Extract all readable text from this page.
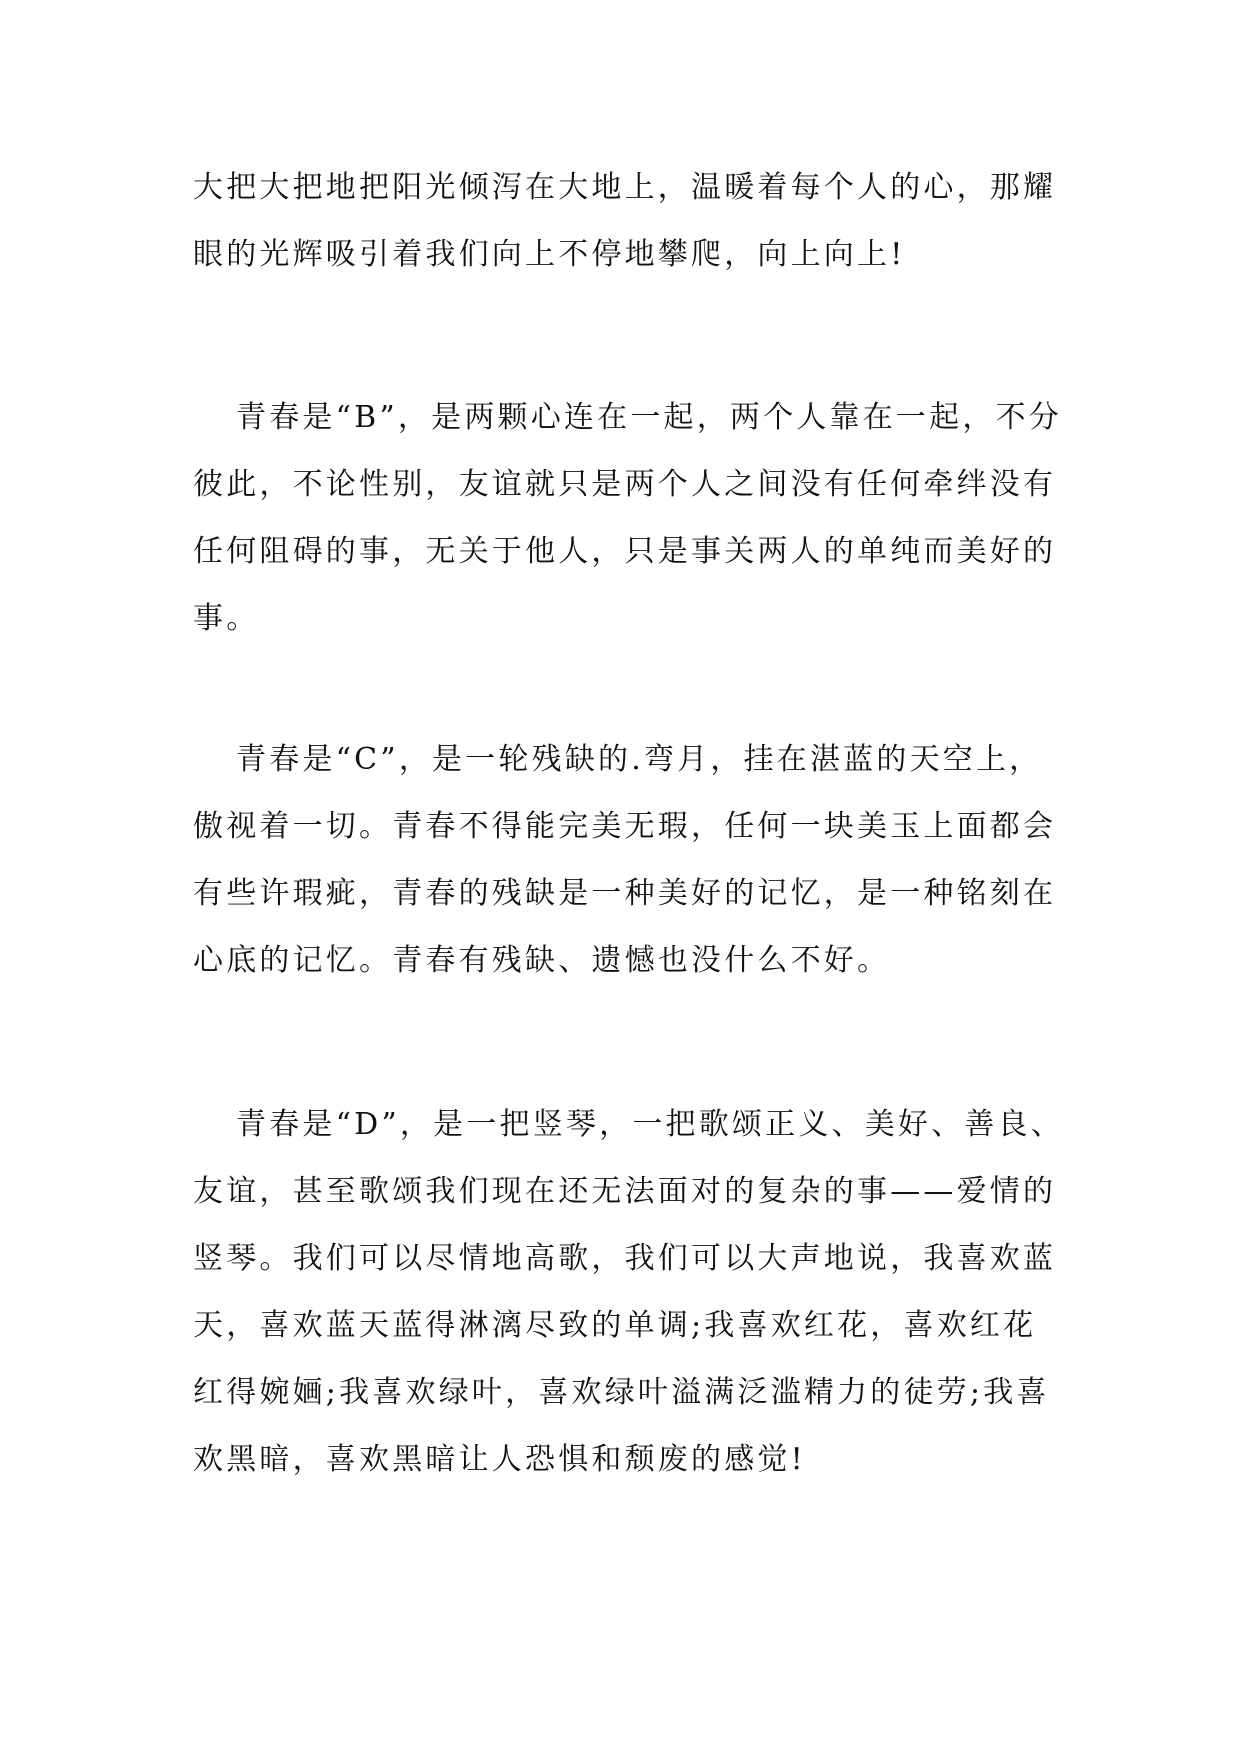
大把大把地把阳光倾泻在大地上，温暖着每个人的心，那耀
眼的光辉吸引着我们向上不停地攀爬，向上向上!
青春是“B”，是两颗心连在一起，两个人靠在一起，不分
彼此，不论性别，友谊就只是两个人之间没有任何牵绊没有
任何阻碍的事，无关于他人，只是事关两人的单纯而美好的
事。
青春是“C”，是一轮残缺的.弯月，挂在湛蓝的天空上，
傲视着一切。青春不得能完美无瑕，任何一块美玉上面都会
有些许瑕疵，青春的残缺是一种美好的记忆，是一种铭刻在
心底的记忆。青春有残缺、遗憾也没什么不好。
青春是“D”，是一把竖琴，一把歌颂正义、美好、善良、
友谊，甚至歌颂我们现在还无法面对的复杂的事——爱情的
竖琴。我们可以尽情地高歌，我们可以大声地说，我喜欢蓝
天，喜欢蓝天蓝得淋漓尽致的单调;我喜欢红花，喜欢红花
红得婉婳;我喜欢绿叶，喜欢绿叶溢满泛滥精力的徒劳;我喜
欢黑暗，喜欢黑暗让人恐惧和颓废的感觉!
